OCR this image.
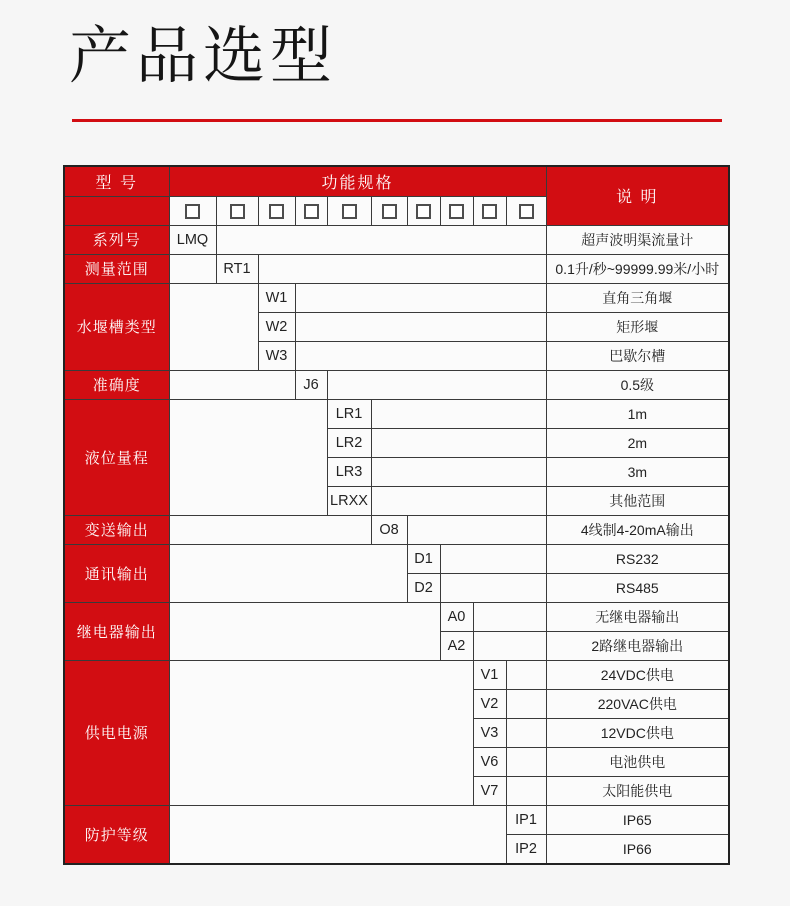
产品选型
型 号	功能规格										说 明

系列号	LMQ										超声波明渠流量计
测量范围		RT1									0.1升/秒~99999.99米/小时
水堰槽类型			W1								直角三角堰
			W2								矩形堰
			W3								巴歇尔槽
准确度				J6							0.5级
液位量程					LR1						1m
					LR2						2m
					LR3						3m
					LRXX						其他范围
变送输出						O8					4线制4-20mA输出
通讯输出							D1				RS232
							D2				RS485
继电器输出								A0			无继电器输出
								A2			2路继电器输出
供电电源									V1		24VDC供电
									V2		220VAC供电
									V3		12VDC供电
									V6		电池供电
									V7		太阳能供电
防护等级										IP1	IP65
										IP2	IP66
